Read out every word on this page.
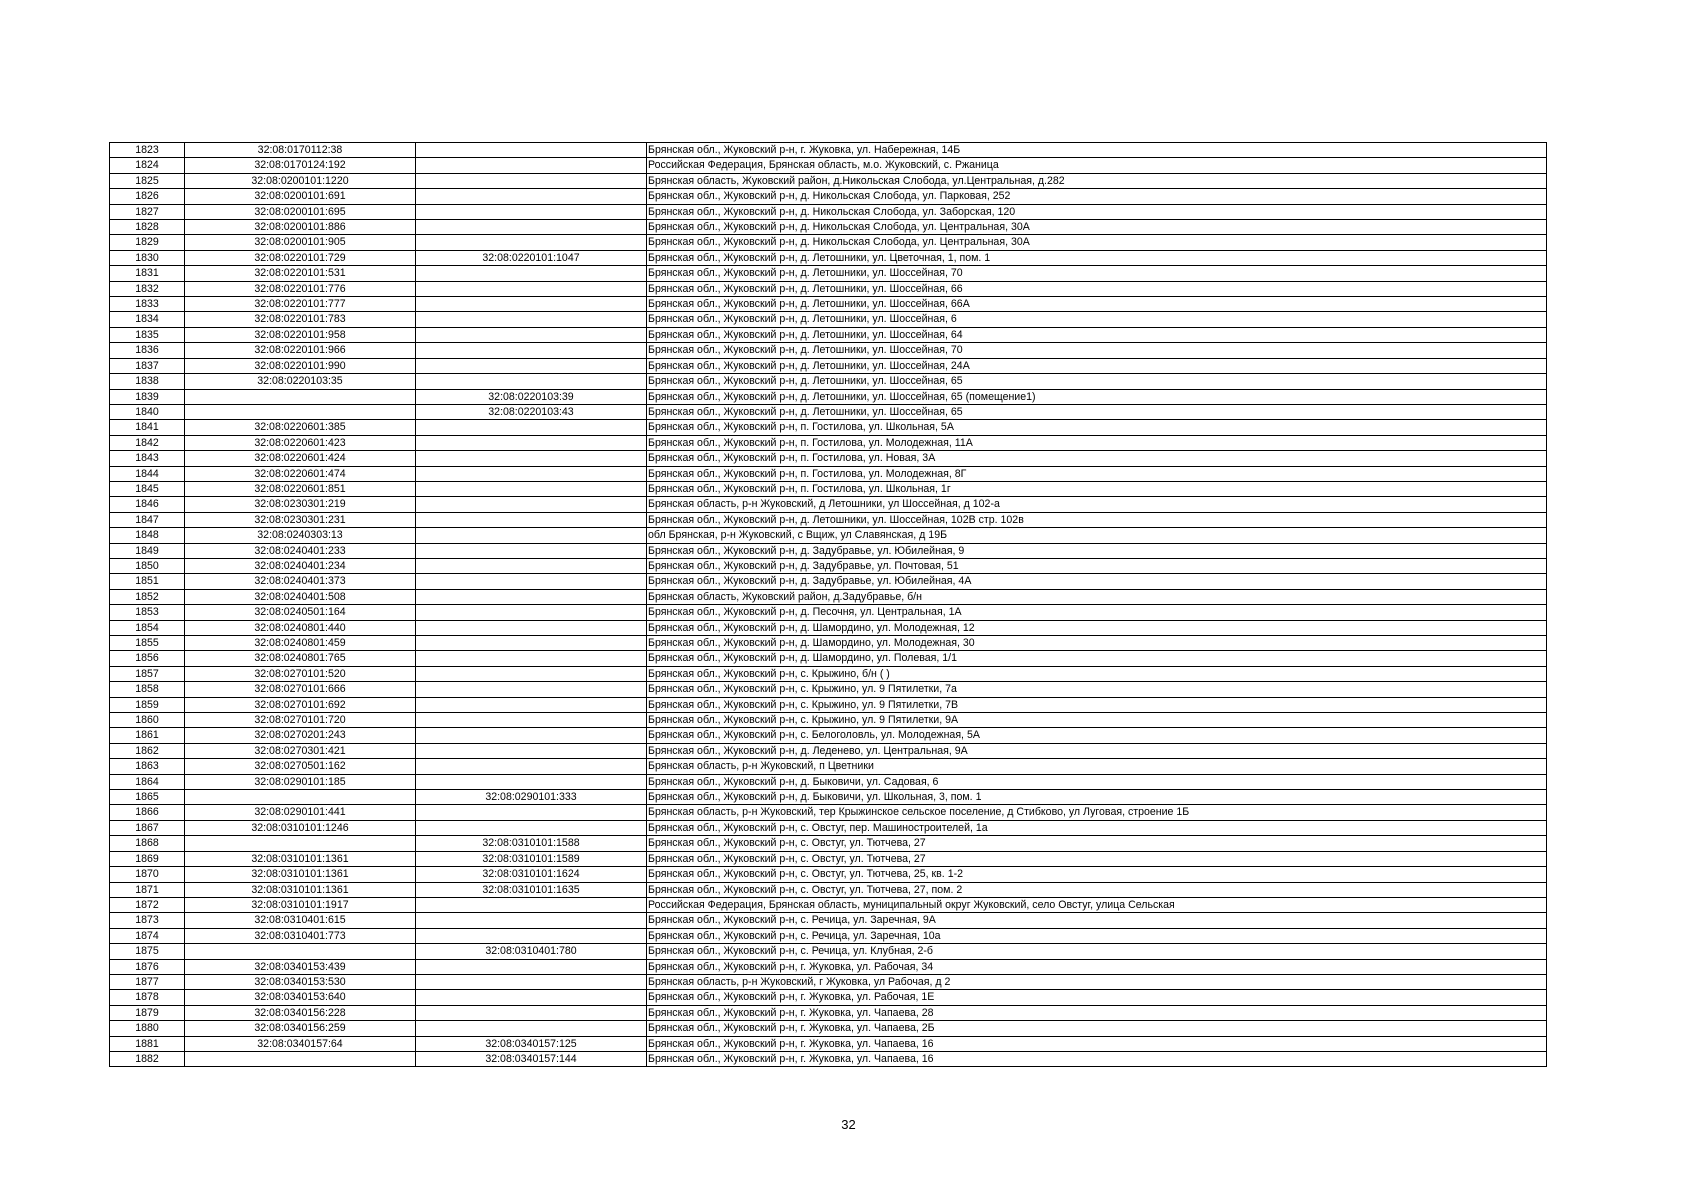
1823	32:08:0170112:38		Брянская обл., Жуковский р-н, г. Жуковка, ул. Набережная, 14Б
1824	32:08:0170124:192		Российская Федерация, Брянская область, м.о. Жуковский, с. Ржаница
1825	32:08:0200101:1220		Брянская область, Жуковский район, д.Никольская Слобода, ул.Центральная, д.282
1826	32:08:0200101:691		Брянская обл., Жуковский р-н, д. Никольская Слобода, ул. Парковая, 252
1827	32:08:0200101:695		Брянская обл., Жуковский р-н, д. Никольская Слобода, ул. Заборская, 120
1828	32:08:0200101:886		Брянская обл., Жуковский р-н, д. Никольская Слобода, ул. Центральная, 30А
1829	32:08:0200101:905		Брянская обл., Жуковский р-н, д. Никольская Слобода, ул. Центральная, 30А
1830	32:08:0220101:729	32:08:0220101:1047	Брянская обл., Жуковский р-н, д. Летошники, ул. Цветочная, 1, пом. 1
1831	32:08:0220101:531		Брянская обл., Жуковский р-н, д. Летошники, ул. Шоссейная, 70
1832	32:08:0220101:776		Брянская обл., Жуковский р-н, д. Летошники, ул. Шоссейная, 66
1833	32:08:0220101:777		Брянская обл., Жуковский р-н, д. Летошники, ул. Шоссейная, 66А
1834	32:08:0220101:783		Брянская обл., Жуковский р-н, д. Летошники, ул. Шоссейная, 6
1835	32:08:0220101:958		Брянская обл., Жуковский р-н, д. Летошники, ул. Шоссейная, 64
1836	32:08:0220101:966		Брянская обл., Жуковский р-н, д. Летошники, ул. Шоссейная, 70
1837	32:08:0220101:990		Брянская обл., Жуковский р-н, д. Летошники, ул. Шоссейная, 24А
1838	32:08:0220103:35		Брянская обл., Жуковский р-н, д. Летошники, ул. Шоссейная, 65
1839		32:08:0220103:39	Брянская обл., Жуковский р-н, д. Летошники, ул. Шоссейная, 65 (помещение1)
1840		32:08:0220103:43	Брянская обл., Жуковский р-н, д. Летошники, ул. Шоссейная, 65
1841	32:08:0220601:385		Брянская обл., Жуковский р-н, п. Гостилова, ул. Школьная, 5А
1842	32:08:0220601:423		Брянская обл., Жуковский р-н, п. Гостилова, ул. Молодежная, 11А
1843	32:08:0220601:424		Брянская обл., Жуковский р-н, п. Гостилова, ул. Новая, 3А
1844	32:08:0220601:474		Брянская обл., Жуковский р-н, п. Гостилова, ул. Молодежная, 8Г
1845	32:08:0220601:851		Брянская обл., Жуковский р-н, п. Гостилова, ул. Школьная, 1г
1846	32:08:0230301:219		Брянская область, р-н Жуковский, д Летошники, ул Шоссейная, д 102-а
1847	32:08:0230301:231		Брянская обл., Жуковский р-н, д. Летошники, ул. Шоссейная, 102В стр. 102в
1848	32:08:0240303:13		обл Брянская, р-н Жуковский, с Вщиж, ул Славянская, д 19Б
1849	32:08:0240401:233		Брянская обл., Жуковский р-н, д. Задубравье, ул. Юбилейная, 9
1850	32:08:0240401:234		Брянская обл., Жуковский р-н, д. Задубравье, ул. Почтовая, 51
1851	32:08:0240401:373		Брянская обл., Жуковский р-н, д. Задубравье, ул. Юбилейная, 4А
1852	32:08:0240401:508		Брянская область, Жуковский район, д.Задубравье, б/н
1853	32:08:0240501:164		Брянская обл., Жуковский р-н, д. Песочня, ул. Центральная, 1А
1854	32:08:0240801:440		Брянская обл., Жуковский р-н, д. Шамордино, ул. Молодежная, 12
1855	32:08:0240801:459		Брянская обл., Жуковский р-н, д. Шамордино, ул. Молодежная, 30
1856	32:08:0240801:765		Брянская обл., Жуковский р-н, д. Шамордино, ул. Полевая, 1/1
1857	32:08:0270101:520		Брянская обл., Жуковский р-н, с. Крыжино, б/н ( )
1858	32:08:0270101:666		Брянская обл., Жуковский р-н, с. Крыжино, ул. 9 Пятилетки, 7а
1859	32:08:0270101:692		Брянская обл., Жуковский р-н, с. Крыжино, ул. 9 Пятилетки, 7В
1860	32:08:0270101:720		Брянская обл., Жуковский р-н, с. Крыжино, ул. 9 Пятилетки, 9А
1861	32:08:0270201:243		Брянская обл., Жуковский р-н, с. Белоголовль, ул. Молодежная, 5А
1862	32:08:0270301:421		Брянская обл., Жуковский р-н, д. Леденево, ул. Центральная, 9А
1863	32:08:0270501:162		Брянская область, р-н Жуковский, п Цветники
1864	32:08:0290101:185		Брянская обл., Жуковский р-н, д. Быковичи, ул. Садовая, 6
1865		32:08:0290101:333	Брянская обл., Жуковский р-н, д. Быковичи, ул. Школьная, 3, пом. 1
1866	32:08:0290101:441		Брянская область, р-н Жуковский, тер Крыжинское сельское поселение, д Стибково, ул Луговая, строение 1Б
1867	32:08:0310101:1246		Брянская обл., Жуковский р-н, с. Овстуг, пер. Машиностроителей, 1а
1868		32:08:0310101:1588	Брянская обл., Жуковский р-н, с. Овстуг, ул. Тютчева, 27
1869	32:08:0310101:1361	32:08:0310101:1589	Брянская обл., Жуковский р-н, с. Овстуг, ул. Тютчева, 27
1870	32:08:0310101:1361	32:08:0310101:1624	Брянская обл., Жуковский р-н, с. Овстуг, ул. Тютчева, 25, кв. 1-2
1871	32:08:0310101:1361	32:08:0310101:1635	Брянская обл., Жуковский р-н, с. Овстуг, ул. Тютчева, 27, пом. 2
1872	32:08:0310101:1917		Российская Федерация, Брянская область, муниципальный округ Жуковский, село Овстуг, улица Сельская
1873	32:08:0310401:615		Брянская обл., Жуковский р-н, с. Речица, ул. Заречная, 9А
1874	32:08:0310401:773		Брянская обл., Жуковский р-н, с. Речица, ул. Заречная, 10а
1875		32:08:0310401:780	Брянская обл., Жуковский р-н, с. Речица, ул. Клубная, 2-б
1876	32:08:0340153:439		Брянская обл., Жуковский р-н, г. Жуковка, ул. Рабочая, 34
1877	32:08:0340153:530		Брянская область, р-н Жуковский, г Жуковка, ул Рабочая, д 2
1878	32:08:0340153:640		Брянская обл., Жуковский р-н, г. Жуковка, ул. Рабочая, 1Е
1879	32:08:0340156:228		Брянская обл., Жуковский р-н, г. Жуковка, ул. Чапаева, 28
1880	32:08:0340156:259		Брянская обл., Жуковский р-н, г. Жуковка, ул. Чапаева, 2Б
1881	32:08:0340157:64	32:08:0340157:125	Брянская обл., Жуковский р-н, г. Жуковка, ул. Чапаева, 16
1882		32:08:0340157:144	Брянская обл., Жуковский р-н, г. Жуковка, ул. Чапаева, 16
32
